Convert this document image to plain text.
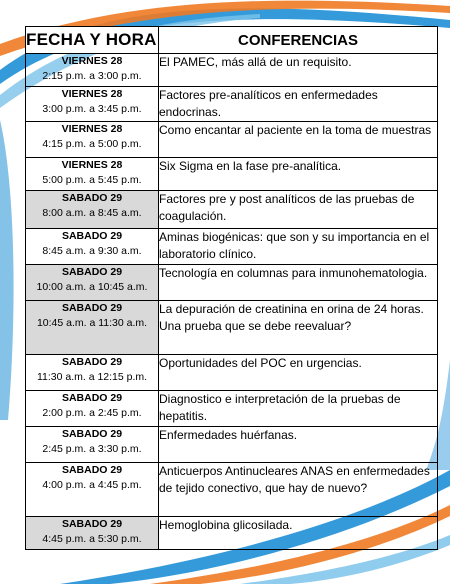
FECHA Y HORA	CONFERENCIAS

VIERNES 28
2:15 p.m. a 3:00 p.m.	El PAMEC, más allá de un requisito.

VIERNES 28
3:00 p.m. a 3:45 p.m.	Factores pre-analíticos en enfermedades endocrinas.

VIERNES 28
4:15 p.m. a 5:00 p.m.	Como encantar al paciente en la toma de muestras

VIERNES 28
5:00 p.m. a 5:45 p.m.	Six Sigma en la fase pre-analítica.

SABADO 29
8:00 a.m. a 8:45 a.m.	Factores pre y post analíticos de las pruebas de coagulación.

SABADO 29
8:45 a.m. a 9:30 a.m.	Aminas biogénicas: que son y su importancia en el laboratorio clínico.

SABADO 29
10:00 a.m. a 10:45 a.m.	Tecnología en columnas para inmunohematologia.

SABADO 29
10:45 a.m. a 11:30 a.m.	La depuración de creatinina en orina de 24 horas. Una prueba que se debe reevaluar?

SABADO 29
11:30 a.m. a 12:15 p.m.	Oportunidades del POC en urgencias.

SABADO 29
2:00 p.m. a 2:45 p.m.	Diagnostico e interpretación de la pruebas de hepatitis.

SABADO 29
2:45 p.m. a 3:30 p.m.	Enfermedades huérfanas.

SABADO 29
4:00 p.m. a 4:45 p.m.	Anticuerpos Antinucleares ANAS en enfermedades de tejido conectivo, que hay de nuevo?

SABADO 29
4:45 p.m. a 5:30 p.m.	Hemoglobina glicosilada.
